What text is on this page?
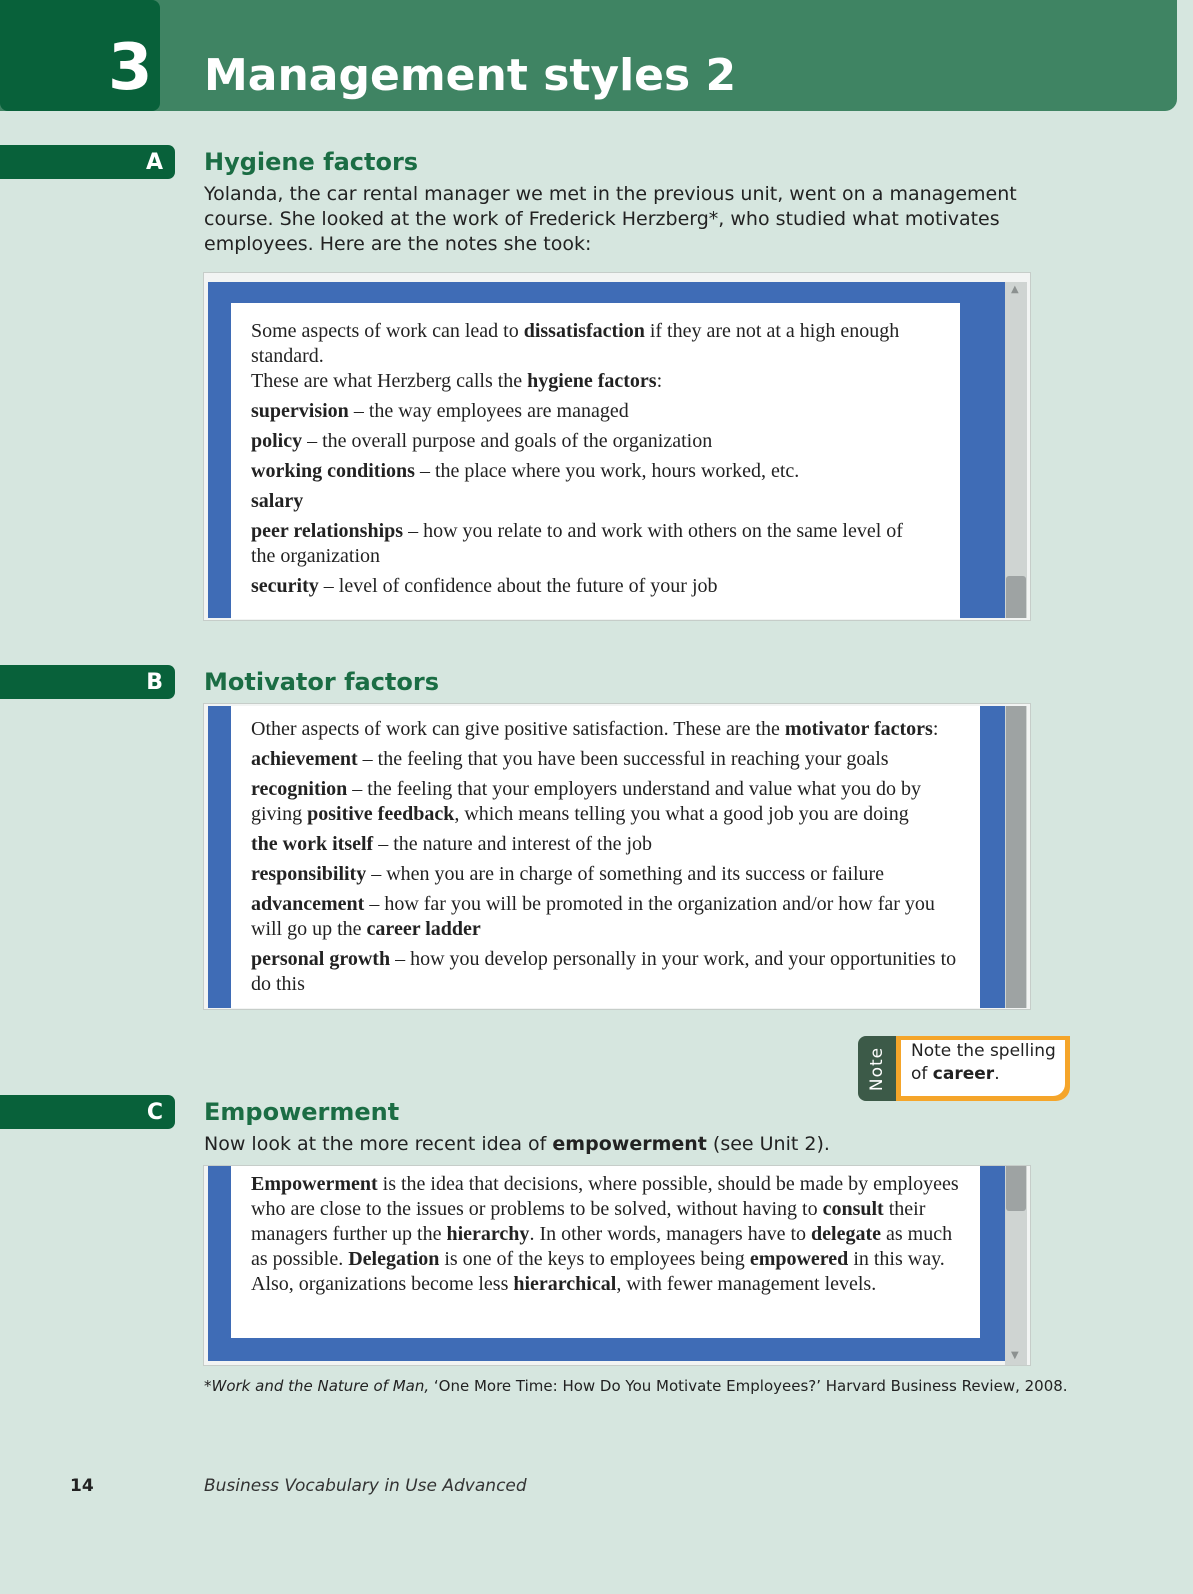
3 Management styles 2
A Hygiene factors
Yolanda, the car rental manager we met in the previous unit, went on a management course. She looked at the work of Frederick Herzberg*, who studied what motivates employees. Here are the notes she took:

Some aspects of work can lead to dissatisfaction if they are not at a high enough standard.

These are what Herzberg calls the hygiene factors:

supervision – the way employees are managed

policy – the overall purpose and goals of the organization

working conditions – the place where you work, hours worked, etc.

salary

peer relationships – how you relate to and work with others on the same level of the organization

security – level of confidence about the future of your job

▲
B Motivator factors

Other aspects of work can give positive satisfaction. These are the motivator factors:

achievement – the feeling that you have been successful in reaching your goals

recognition – the feeling that your employers understand and value what you do by giving positive feedback, which means telling you what a good job you are doing

the work itself – the nature and interest of the job

responsibility – when you are in charge of something and its success or failure

advancement – how far you will be promoted in the organization and/or how far you will go up the career ladder

personal growth – how you develop personally in your work, and your opportunities to do this

Note	Note the spelling of career.

C Empowerment
Now look at the more recent idea of empowerment (see Unit 2).

Empowerment is the idea that decisions, where possible, should be made by employees who are close to the issues or problems to be solved, without having to consult their managers further up the hierarchy. In other words, managers have to delegate as much as possible. Delegation is one of the keys to employees being empowered in this way. Also, organizations become less hierarchical, with fewer management levels.

▼
*Work and the Nature of Man, ‘One More Time: How Do You Motivate Employees?’ Harvard Business Review, 2008.
14	Business Vocabulary in Use Advanced
